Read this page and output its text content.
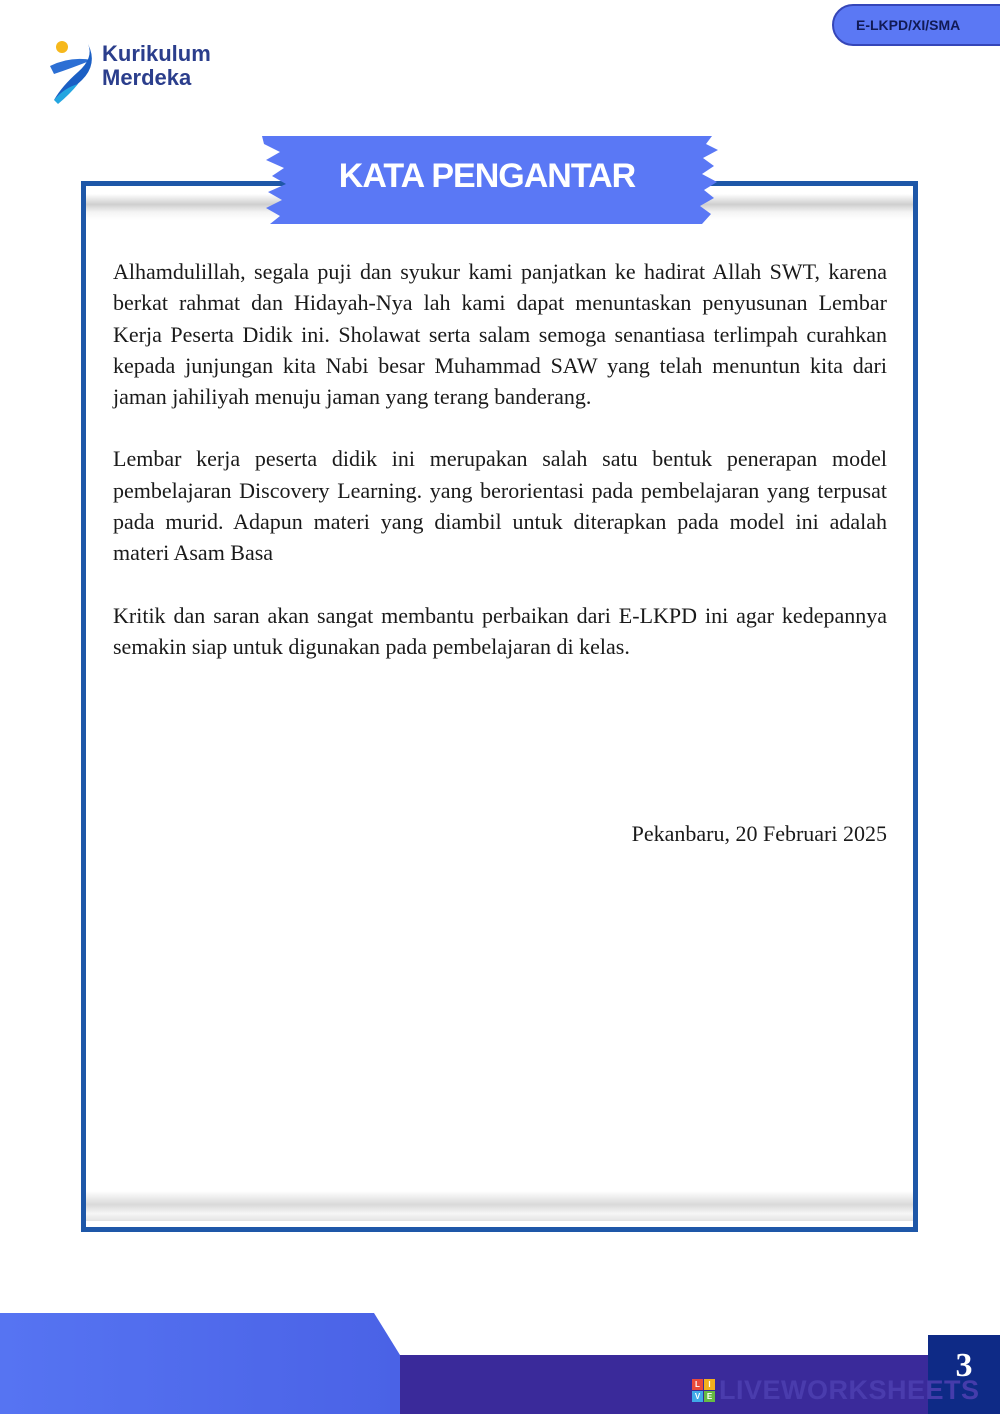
Kurikulum
Merdeka
E-LKPD/XI/SMA
KATA PENGANTAR

Alhamdulillah, segala puji dan syukur kami panjatkan ke hadirat Allah SWT, karena berkat rahmat dan Hidayah-Nya lah kami dapat menuntaskan penyusunan Lembar Kerja Peserta Didik ini. Sholawat serta salam semoga senantiasa terlimpah curahkan kepada junjungan kita Nabi besar Muhammad SAW yang telah menuntun kita dari jaman jahiliyah menuju jaman yang terang banderang.

Lembar kerja peserta didik ini merupakan salah satu bentuk penerapan model pembelajaran Discovery Learning. yang berorientasi pada pembelajaran yang terpusat pada murid. Adapun materi yang diambil untuk diterapkan pada model ini adalah materi Asam Basa

Kritik dan saran akan sangat membantu perbaikan dari E-LKPD ini agar kedepannya semakin siap untuk digunakan pada pembelajaran di kelas.

Pekanbaru, 20 Februari 2025
3
L	I
V E LIVEWORKSHEETS
